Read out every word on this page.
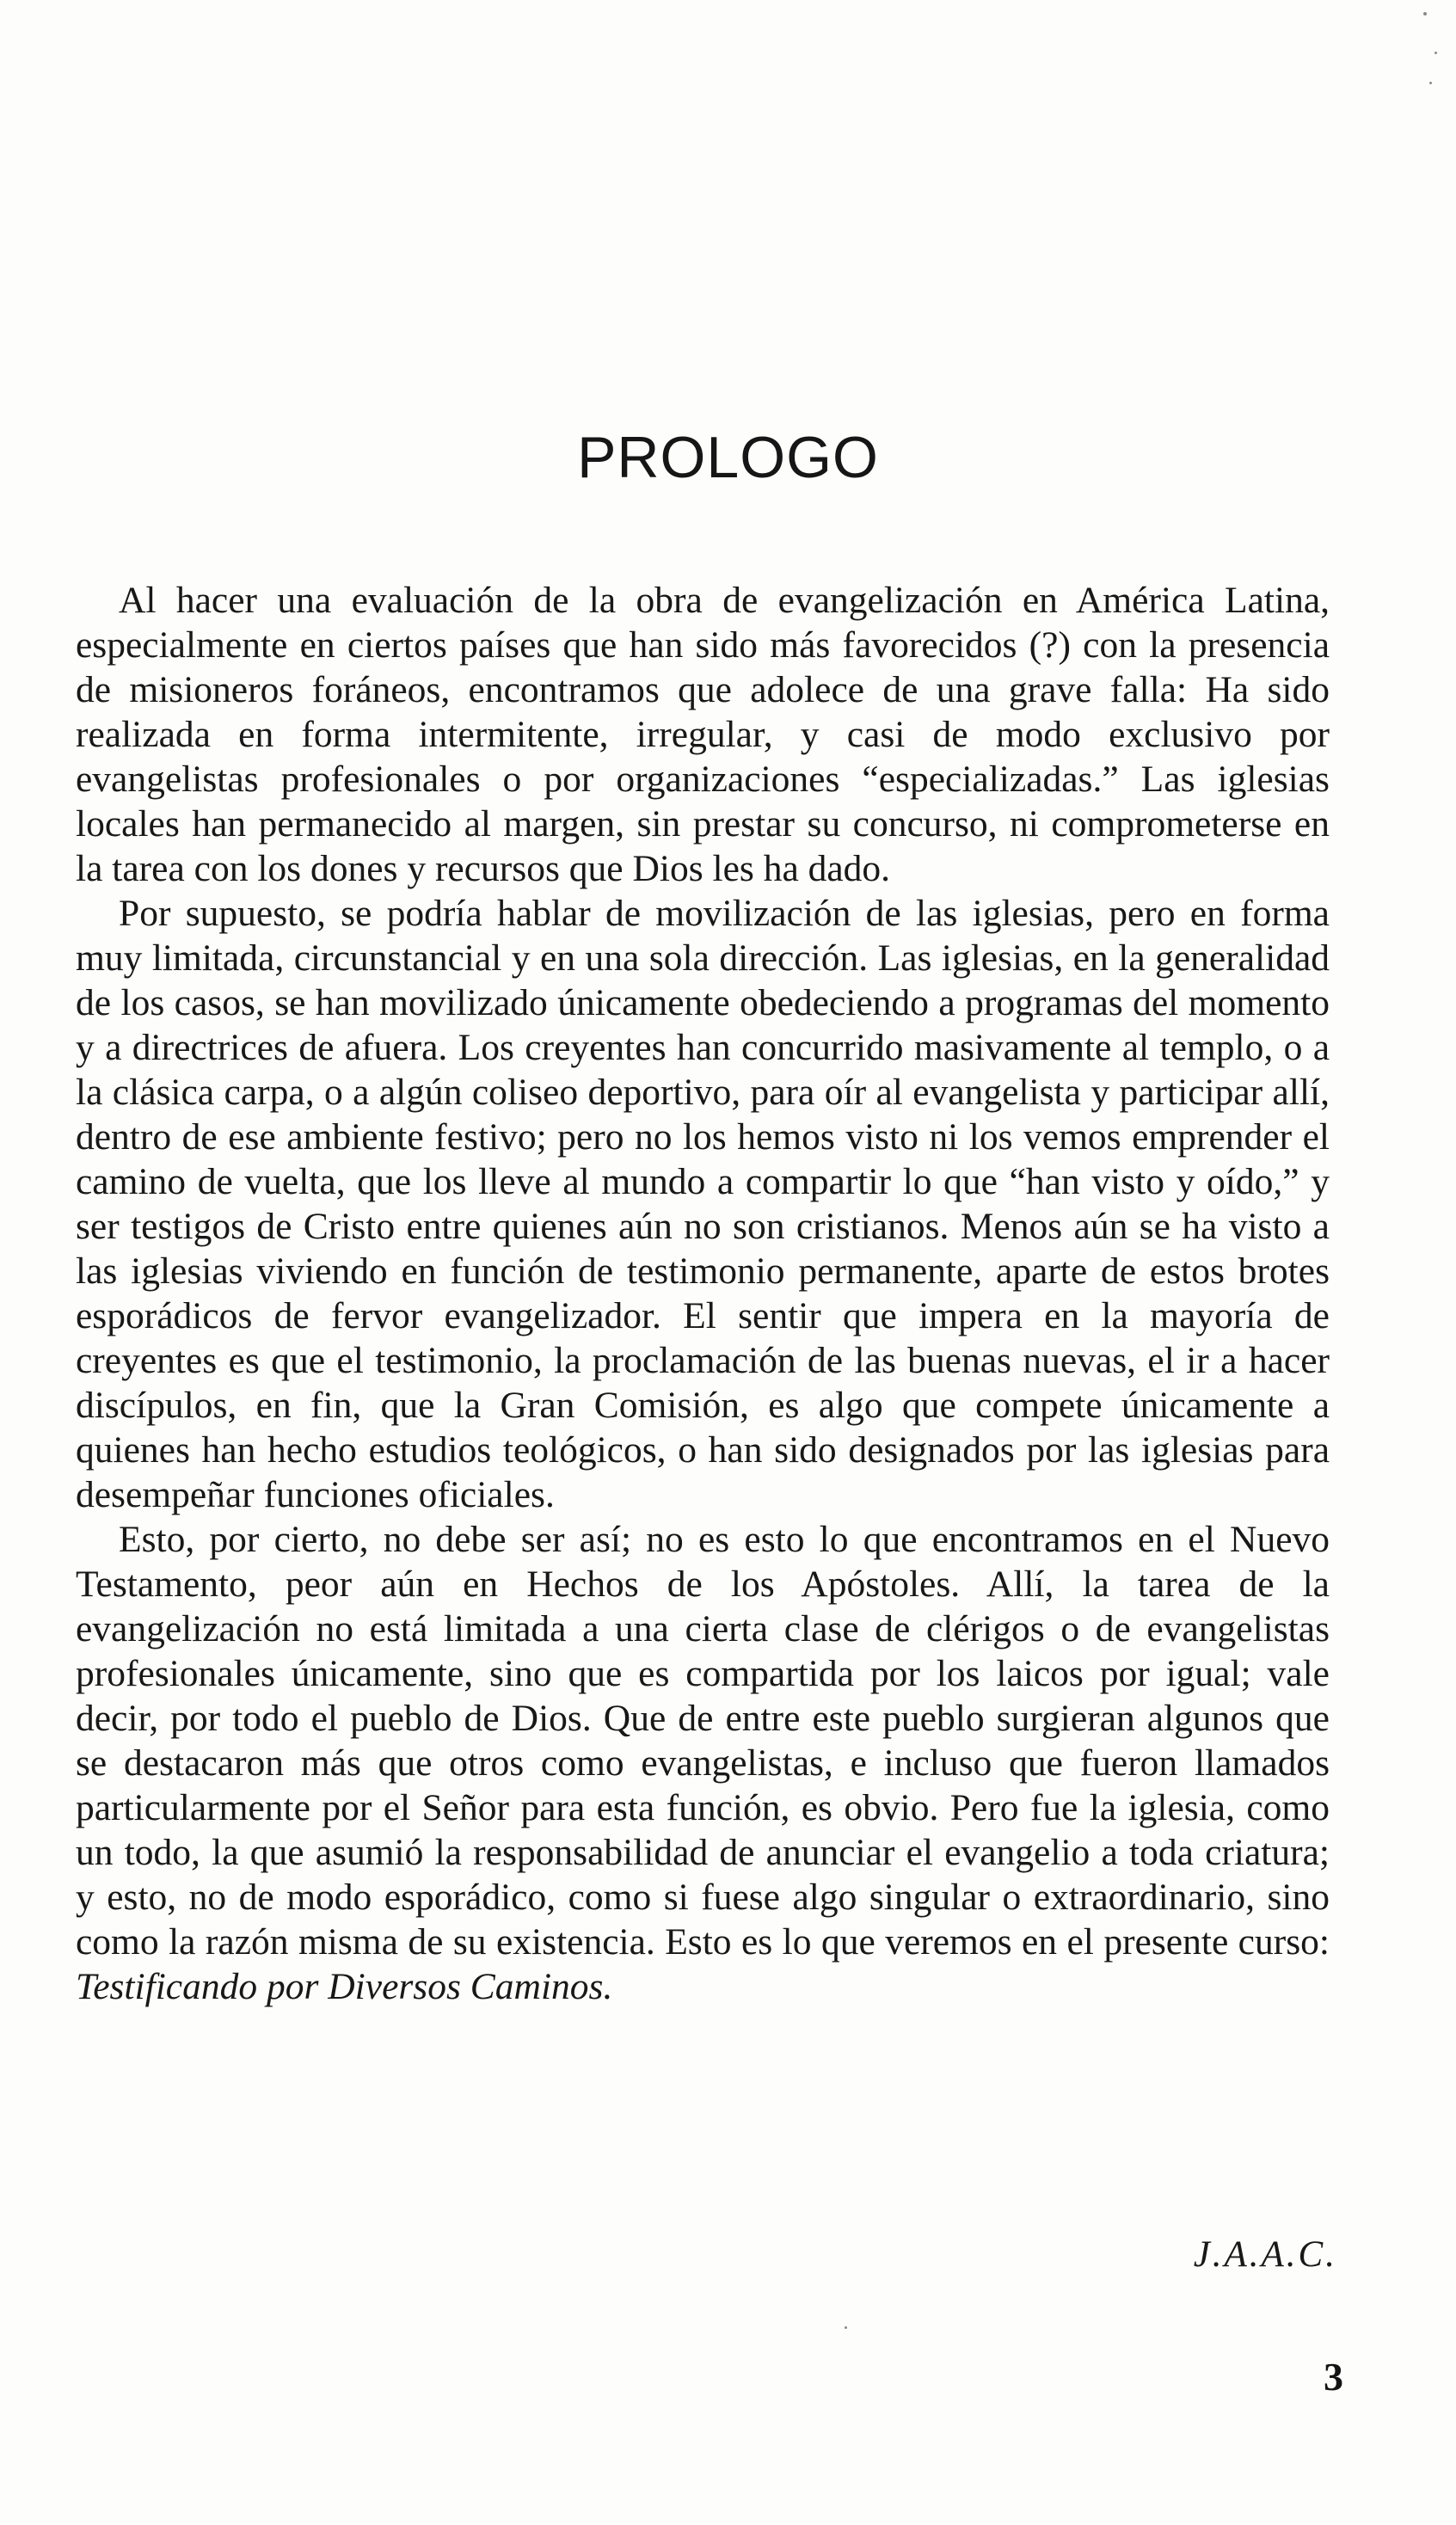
PROLOGO

Al hacer una evaluación de la obra de evangelización en América Latina, especialmente en ciertos países que han sido más favorecidos (?) con la presencia de misioneros foráneos, encontramos que adolece de una grave falla: Ha sido realizada en forma intermitente, irregular, y casi de modo exclusivo por evangelistas profesionales o por organizaciones “especializadas.” Las iglesias locales han permanecido al margen, sin prestar su concurso, ni comprometerse en la tarea con los dones y recursos que Dios les ha dado.

Por supuesto, se podría hablar de movilización de las iglesias, pero en forma muy limitada, circunstancial y en una sola dirección. Las iglesias, en la generalidad de los casos, se han movilizado únicamente obedeciendo a programas del momento y a directrices de afuera. Los creyentes han concurrido masivamente al templo, o a la clásica carpa, o a algún coliseo deportivo, para oír al evangelista y participar allí, dentro de ese ambiente festivo; pero no los hemos visto ni los vemos emprender el camino de vuelta, que los lleve al mundo a compartir lo que “han visto y oído,” y ser testigos de Cristo entre quienes aún no son cristianos. Menos aún se ha visto a las iglesias viviendo en función de testimonio permanente, aparte de estos brotes esporádicos de fervor evangelizador. El sentir que impera en la mayoría de creyentes es que el testimonio, la proclamación de las buenas nuevas, el ir a hacer discípulos, en fin, que la Gran Comisión, es algo que compete únicamente a quienes han hecho estudios teológicos, o han sido designados por las iglesias para desempeñar funciones oficiales.

Esto, por cierto, no debe ser así; no es esto lo que encontramos en el Nuevo Testamento, peor aún en Hechos de los Apóstoles. Allí, la tarea de la evangelización no está limitada a una cierta clase de clérigos o de evangelistas profesionales únicamente, sino que es compartida por los laicos por igual; vale decir, por todo el pueblo de Dios. Que de entre este pueblo surgieran algunos que se destacaron más que otros como evangelistas, e incluso que fueron llamados particularmente por el Señor para esta función, es obvio. Pero fue la iglesia, como un todo, la que asumió la responsabilidad de anunciar el evangelio a toda criatura; y esto, no de modo esporádico, como si fuese algo singular o extraordinario, sino como la razón misma de su existencia. Esto es lo que veremos en el presente curso: Testificando por Diversos Caminos.

J.A.A.C.
3
